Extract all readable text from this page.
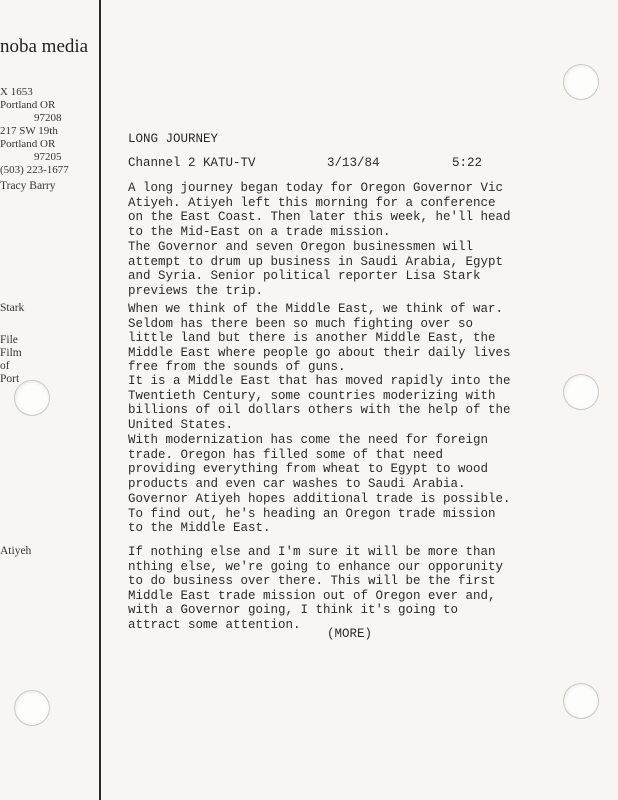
noba media
X 1653
Portland OR
97208
217 SW 19th
Portland OR
97205
(503) 223-1677
Tracy Barry
Stark
File
Film
of
Port
Atiyeh
LONG JOURNEY
Channel 2 KATU-TV	3/13/84	5:22
A long journey began today for Oregon Governor Vic Atiyeh. Atiyeh left this morning for a conference on the East Coast. Then later this week, he'll head to the Mid-East on a trade mission.
The Governor and seven Oregon businessmen will attempt to drum up business in Saudi Arabia, Egypt and Syria. Senior political reporter Lisa Stark previews the trip.
When we think of the Middle East, we think of war. Seldom has there been so much fighting over so little land but there is another Middle East, the Middle East where people go about their daily lives free from the sounds of guns.
It is a Middle East that has moved rapidly into the Twentieth Century, some countries moderizing with billions of oil dollars others with the help of the United States.
With modernization has come the need for foreign trade. Oregon has filled some of that need providing everything from wheat to Egypt to wood products and even car washes to Saudi Arabia.
Governor Atiyeh hopes additional trade is possible. To find out, he's heading an Oregon trade mission to the Middle East.
If nothing else and I'm sure it will be more than nthing else, we're going to enhance our opporunity to do business over there. This will be the first Middle East trade mission out of Oregon ever and, with a Governor going, I think it's going to attract some attention.
(MORE)
